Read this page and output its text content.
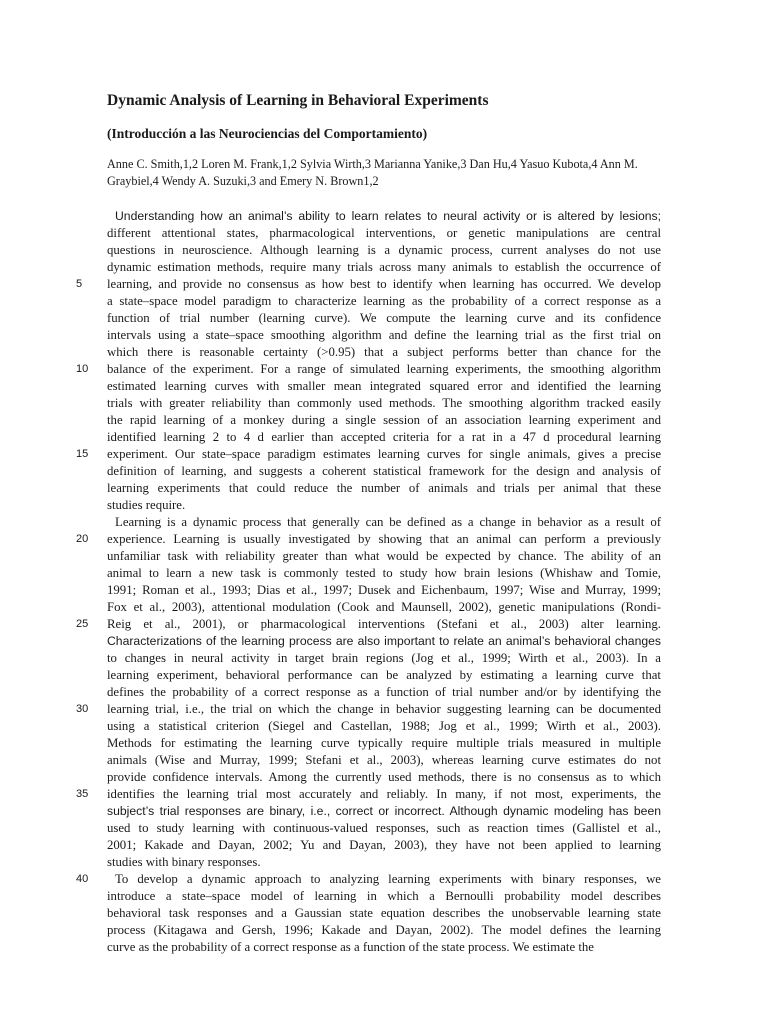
Dynamic Analysis of Learning in Behavioral Experiments
(Introducción a las Neurociencias del Comportamiento)
Anne C. Smith,1,2 Loren M. Frank,1,2 Sylvia Wirth,3 Marianna Yanike,3 Dan Hu,4 Yasuo Kubota,4 Ann M.
Graybiel,4 Wendy A. Suzuki,3 and Emery N. Brown1,2
Understanding how an animal’s ability to learn relates to neural activity or is altered by lesions;
different attentional states, pharmacological interventions, or genetic manipulations are central
questions in neuroscience. Although learning is a dynamic process, current analyses do not use
dynamic estimation methods, require many trials across many animals to establish the occurrence of
learning, and provide no consensus as how best to identify when learning has occurred. We develop
a state–space model paradigm to characterize learning as the probability of a correct response as a
function of trial number (learning curve). We compute the learning curve and its confidence
intervals using a state–space smoothing algorithm and define the learning trial as the first trial on
which there is reasonable certainty (>0.95) that a subject performs better than chance for the
balance of the experiment. For a range of simulated learning experiments, the smoothing algorithm
estimated learning curves with smaller mean integrated squared error and identified the learning
trials with greater reliability than commonly used methods. The smoothing algorithm tracked easily
the rapid learning of a monkey during a single session of an association learning experiment and
identified learning 2 to 4 d earlier than accepted criteria for a rat in a 47 d procedural learning
experiment. Our state–space paradigm estimates learning curves for single animals, gives a precise
definition of learning, and suggests a coherent statistical framework for the design and analysis of
learning experiments that could reduce the number of animals and trials per animal that these
studies require.
Learning is a dynamic process that generally can be defined as a change in behavior as a result of
experience. Learning is usually investigated by showing that an animal can perform a previously
unfamiliar task with reliability greater than what would be expected by chance. The ability of an
animal to learn a new task is commonly tested to study how brain lesions (Whishaw and Tomie,
1991; Roman et al., 1993; Dias et al., 1997; Dusek and Eichenbaum, 1997; Wise and Murray, 1999;
Fox et al., 2003), attentional modulation (Cook and Maunsell, 2002), genetic manipulations (Rondi-
Reig et al., 2001), or pharmacological interventions (Stefani et al., 2003) alter learning.
Characterizations of the learning process are also important to relate an animal’s behavioral changes
to changes in neural activity in target brain regions (Jog et al., 1999; Wirth et al., 2003). In a
learning experiment, behavioral performance can be analyzed by estimating a learning curve that
defines the probability of a correct response as a function of trial number and/or by identifying the
learning trial, i.e., the trial on which the change in behavior suggesting learning can be documented
using a statistical criterion (Siegel and Castellan, 1988; Jog et al., 1999; Wirth et al., 2003).
Methods for estimating the learning curve typically require multiple trials measured in multiple
animals (Wise and Murray, 1999; Stefani et al., 2003), whereas learning curve estimates do not
provide confidence intervals. Among the currently used methods, there is no consensus as to which
identifies the learning trial most accurately and reliably. In many, if not most, experiments, the
subject’s trial responses are binary, i.e., correct or incorrect. Although dynamic modeling has been
used to study learning with continuous-valued responses, such as reaction times (Gallistel et al.,
2001; Kakade and Dayan, 2002; Yu and Dayan, 2003), they have not been applied to learning
studies with binary responses.
To develop a dynamic approach to analyzing learning experiments with binary responses, we
introduce a state–space model of learning in which a Bernoulli probability model describes
behavioral task responses and a Gaussian state equation describes the unobservable learning state
process (Kitagawa and Gersh, 1996; Kakade and Dayan, 2002). The model defines the learning
curve as the probability of a correct response as a function of the state process. We estimate the
5
10
15
20
25
30
35
40
